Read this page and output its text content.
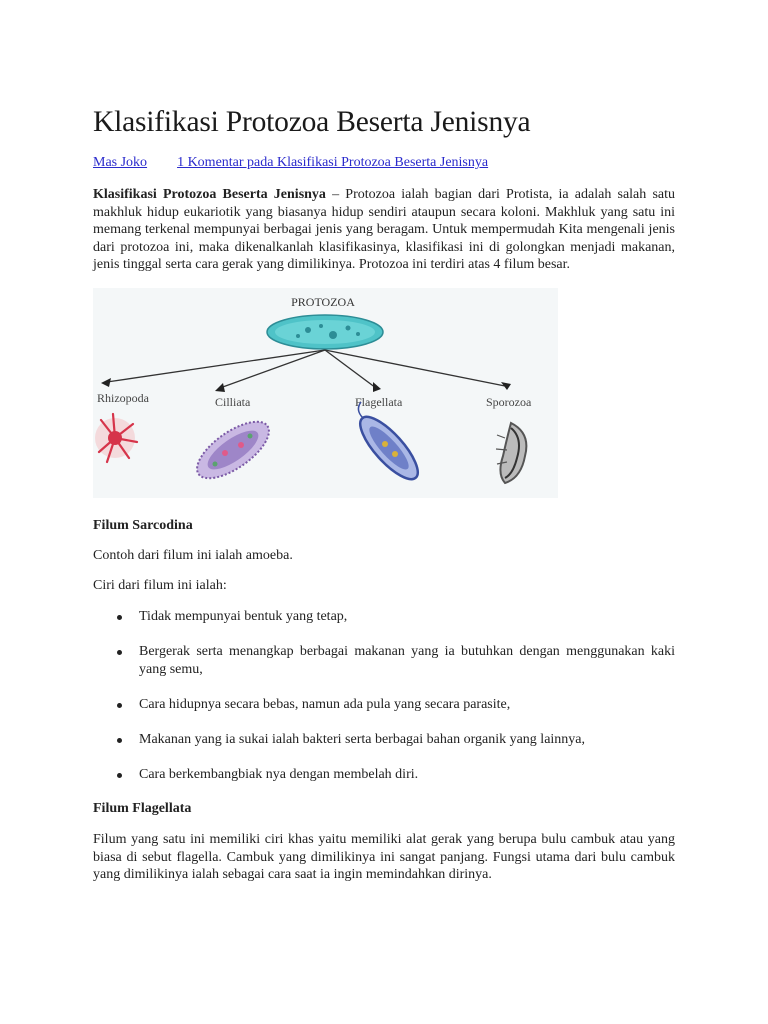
Klasifikasi Protozoa Beserta Jenisnya
Mas Joko 1 Komentar pada Klasifikasi Protozoa Beserta Jenisnya

Klasifikasi Protozoa Beserta Jenisnya – Protozoa ialah bagian dari Protista, ia adalah salah satu makhluk hidup eukariotik yang biasanya hidup sendiri ataupun secara koloni. Makhluk yang satu ini memang terkenal mempunyai berbagai jenis yang beragam. Untuk mempermudah Kita mengenali jenis dari protozoa ini, maka dikenalkanlah klasifikasinya, klasifikasi ini di golongkan menjadi makanan, jenis tinggal serta cara gerak yang dimilikinya. Protozoa ini terdiri atas 4 filum besar.

PROTOZOA
Rhizopoda	Cilliata	Flagellata	Sporozoa
Filum Sarcodina

Contoh dari filum ini ialah amoeba.

Ciri dari filum ini ialah:

Tidak mempunyai bentuk yang tetap,
Bergerak serta menangkap berbagai makanan yang ia butuhkan dengan menggunakan kaki yang semu,
Cara hidupnya secara bebas, namun ada pula yang secara parasite,
Makanan yang ia sukai ialah bakteri serta berbagai bahan organik yang lainnya,
Cara berkembangbiak nya dengan membelah diri.
Filum Flagellata

Filum yang satu ini memiliki ciri khas yaitu memiliki alat gerak yang berupa bulu cambuk atau yang biasa di sebut flagella. Cambuk yang dimilikinya ini sangat panjang. Fungsi utama dari bulu cambuk yang dimilikinya ialah sebagai cara saat ia ingin memindahkan dirinya.
